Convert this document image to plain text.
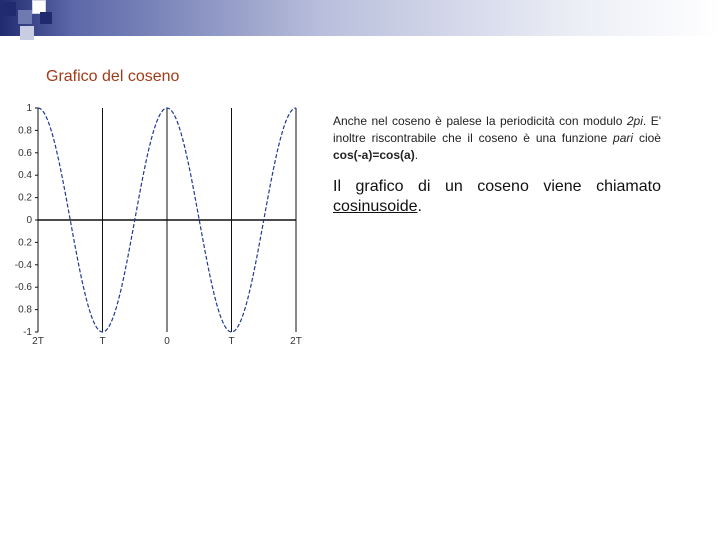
Grafico del coseno
1
0.8
0.6
0.4
0.2
0
0.2
-0.4
-0.6
0.8
-1
2T	T	0	T	2T
Anche nel coseno è palese la periodicità con modulo 2pi. E' inoltre riscontrabile che il coseno è una funzione pari cioè cos(-a)=cos(a).
Il grafico di un coseno viene chiamato cosinusoide.
